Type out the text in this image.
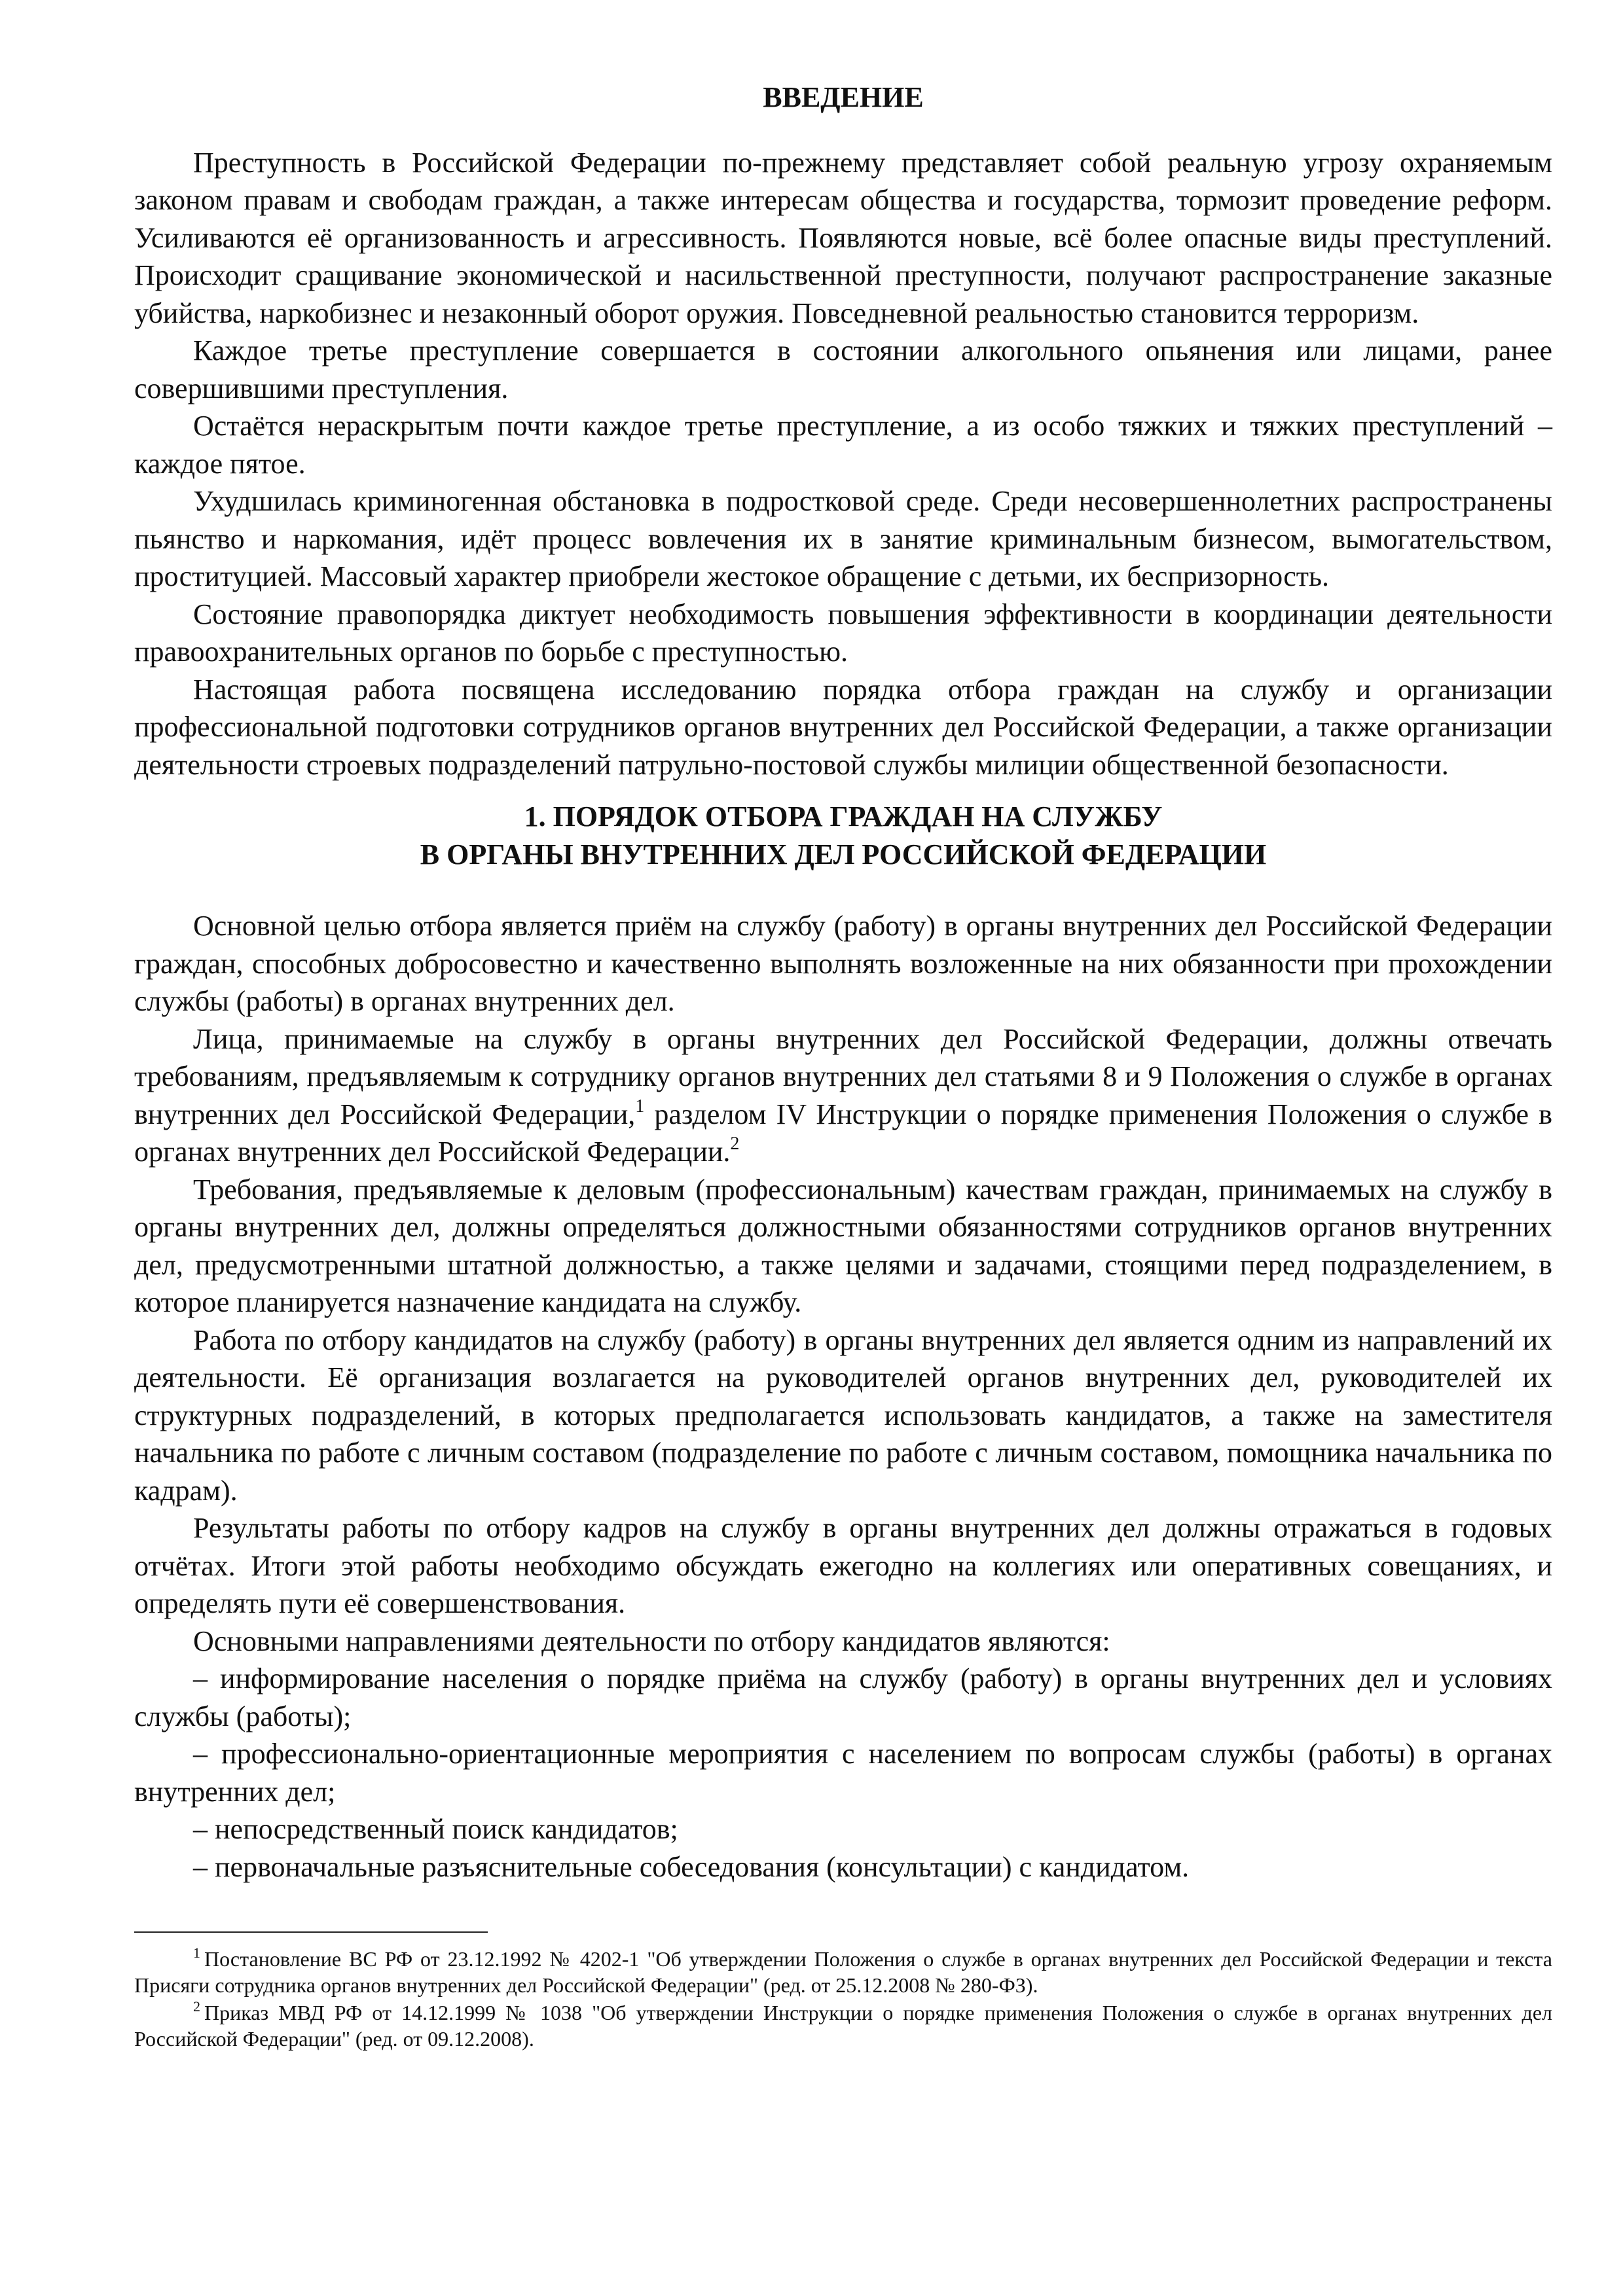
ВВЕДЕНИЕ

Преступность в Российской Федерации по-прежнему представляет собой реальную угрозу охраняемым законом правам и свободам граждан, а также интересам общества и государства, тормозит проведение реформ. Усиливаются её организованность и агрессивность. Появляются новые, всё более опасные виды преступлений. Происходит сращивание экономической и насильственной преступности, получают распространение заказные убийства, наркобизнес и незаконный оборот оружия. Повседневной реальностью становится терроризм.

Каждое третье преступление совершается в состоянии алкогольного опьянения или лицами, ранее совершившими преступления.

Остаётся нераскрытым почти каждое третье преступление, а из особо тяжких и тяжких преступлений – каждое пятое.

Ухудшилась криминогенная обстановка в подростковой среде. Среди несовершеннолетних распространены пьянство и наркомания, идёт процесс вовлечения их в занятие криминальным бизнесом, вымогательством, проституцией. Массовый характер приобрели жестокое обращение с детьми, их беспризорность.

Состояние правопорядка диктует необходимость повышения эффективности в координации деятельности правоохранительных органов по борьбе с преступностью.

Настоящая работа посвящена исследованию порядка отбора граждан на службу и организации профессиональной подготовки сотрудников органов внутренних дел Российской Федерации, а также организации деятельности строевых подразделений патрульно-постовой службы милиции общественной безопасности.

1. ПОРЯДОК ОТБОРА ГРАЖДАН НА СЛУЖБУ
В ОРГАНЫ ВНУТРЕННИХ ДЕЛ РОССИЙСКОЙ ФЕДЕРАЦИИ

Основной целью отбора является приём на службу (работу) в органы внутренних дел Российской Федерации граждан, способных добросовестно и качественно выполнять возложенные на них обязанности при прохождении службы (работы) в органах внутренних дел.

Лица, принимаемые на службу в органы внутренних дел Российской Федерации, должны отвечать требованиям, предъявляемым к сотруднику органов внутренних дел статьями 8 и 9 Положения о службе в органах внутренних дел Российской Федерации,$^1$ разделом IV Инструкции о порядке применения Положения о службе в органах внутренних дел Российской Федерации.$^2$

Требования, предъявляемые к деловым (профессиональным) качествам граждан, принимаемых на службу в органы внутренних дел, должны определяться должностными обязанностями сотрудников органов внутренних дел, предусмотренными штатной должностью, а также целями и задачами, стоящими перед подразделением, в которое планируется назначение кандидата на службу.

Работа по отбору кандидатов на службу (работу) в органы внутренних дел является одним из направлений их деятельности. Её организация возлагается на руководителей органов внутренних дел, руководителей их структурных подразделений, в которых предполагается использовать кандидатов, а также на заместителя начальника по работе с личным составом (подразделение по работе с личным составом, помощника начальника по кадрам).

Результаты работы по отбору кадров на службу в органы внутренних дел должны отражаться в годовых отчётах. Итоги этой работы необходимо обсуждать ежегодно на коллегиях или оперативных совещаниях, и определять пути её совершенствования.

Основными направлениями деятельности по отбору кандидатов являются:

– информирование населения о порядке приёма на службу (работу) в органы внутренних дел и условиях службы (работы);

– профессионально-ориентационные мероприятия с населением по вопросам службы (работы) в органах внутренних дел;

– непосредственный поиск кандидатов;

– первоначальные разъяснительные собеседования (консультации) с кандидатом.

$^1$ Постановление ВС РФ от 23.12.1992 № 4202-1 "Об утверждении Положения о службе в органах внутренних дел Российской Федерации и текста Присяги сотрудника органов внутренних дел Российской Федерации" (ред. от 25.12.2008 № 280-ФЗ).

$^2$ Приказ МВД РФ от 14.12.1999 № 1038 "Об утверждении Инструкции о порядке применения Положения о службе в органах внутренних дел Российской Федерации" (ред. от 09.12.2008).
